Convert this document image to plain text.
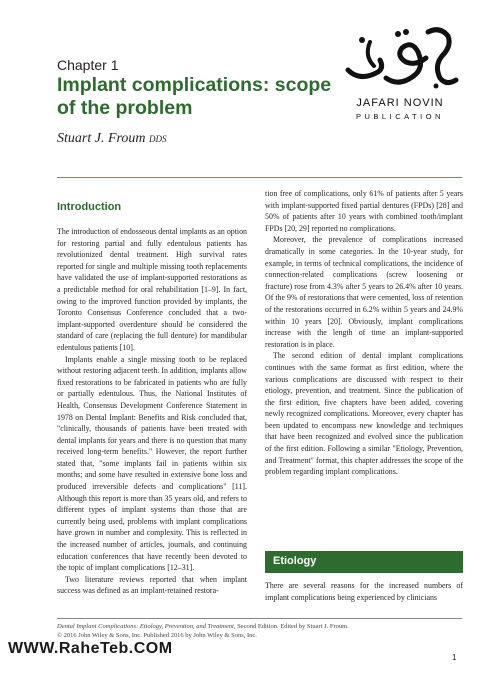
Chapter 1
Implant complications: scope
of the problem
Stuart J. Froum DDS
JAFARI NOVIN
PUBLICATION
Introduction

The introduction of endosseous dental implants as an option for restoring partial and fully edentulous patients has revolutionized dental treatment. High survival rates reported for single and multiple missing tooth replacements have validated the use of implant-supported restorations as a predictable method for oral rehabilitation [1–9]. In fact, owing to the improved function provided by implants, the Toronto Consensus Conference concluded that a two-implant-supported overdenture should be considered the standard of care (replacing the full denture) for mandibular edentulous patients [10].

Implants enable a single missing tooth to be replaced without restoring adjacent teeth. In addition, implants allow fixed restorations to be fabricated in patients who are fully or partially edentulous. Thus, the National Institutes of Health, Consensus Development Conference Statement in 1978 on Dental Implant: Benefits and Risk concluded that, "clinically, thousands of patients have been treated with dental implants for years and there is no question that many received long-term benefits." However, the report further stated that, "some implants fail in patients within six months; and some have resulted in extensive bone loss and produced irreversible defects and complications" [11]. Although this report is more than 35 years old, and refers to different types of implant systems than those that are currently being used, problems with implant complications have grown in number and complexity. This is reflected in the increased number of articles, journals, and continuing education conferences that have recently been devoted to the topic of implant complications [12–31].

Two literature reviews reported that when implant success was defined as an implant-retained restora-

tion free of complications, only 61% of patients after 5 years with implant-supported fixed partial dentures (FPDs) [28] and 50% of patients after 10 years with combined tooth/implant FPDs [20, 29] reported no complications.

Moreover, the prevalence of complications increased dramatically in some categories. In the 10-year study, for example, in terms of technical complications, the incidence of connection-related complications (screw loosening or fracture) rose from 4.3% after 5 years to 26.4% after 10 years. Of the 9% of restorations that were cemented, loss of retention of the restorations occurred in 6.2% within 5 years and 24.9% within 10 years [20]. Obviously, implant complications increase with the length of time an implant-supported restoration is in place.

The second edition of dental implant complications continues with the same format as first edition, where the various complications are discussed with respect to their etiology, prevention, and treatment. Since the publication of the first edition, five chapters have been added, covering newly recognized complications. Moreover, every chapter has been updated to encompass new knowledge and techniques that have been recognized and evolved since the publication of the first edition. Following a similar "Etiology, Prevention, and Treatment" format, this chapter addresses the scope of the problem regarding implant complications.

Etiology
There are several reasons for the increased numbers of implant complications being experienced by clinicians
Dental Implant Complications: Etiology, Prevention, and Treatment, Second Edition. Edited by Stuart J. Froum.
© 2016 John Wiley & Sons, Inc. Published 2016 by John Wiley & Sons, Inc.
WWW.RaheTeb.COM
1
